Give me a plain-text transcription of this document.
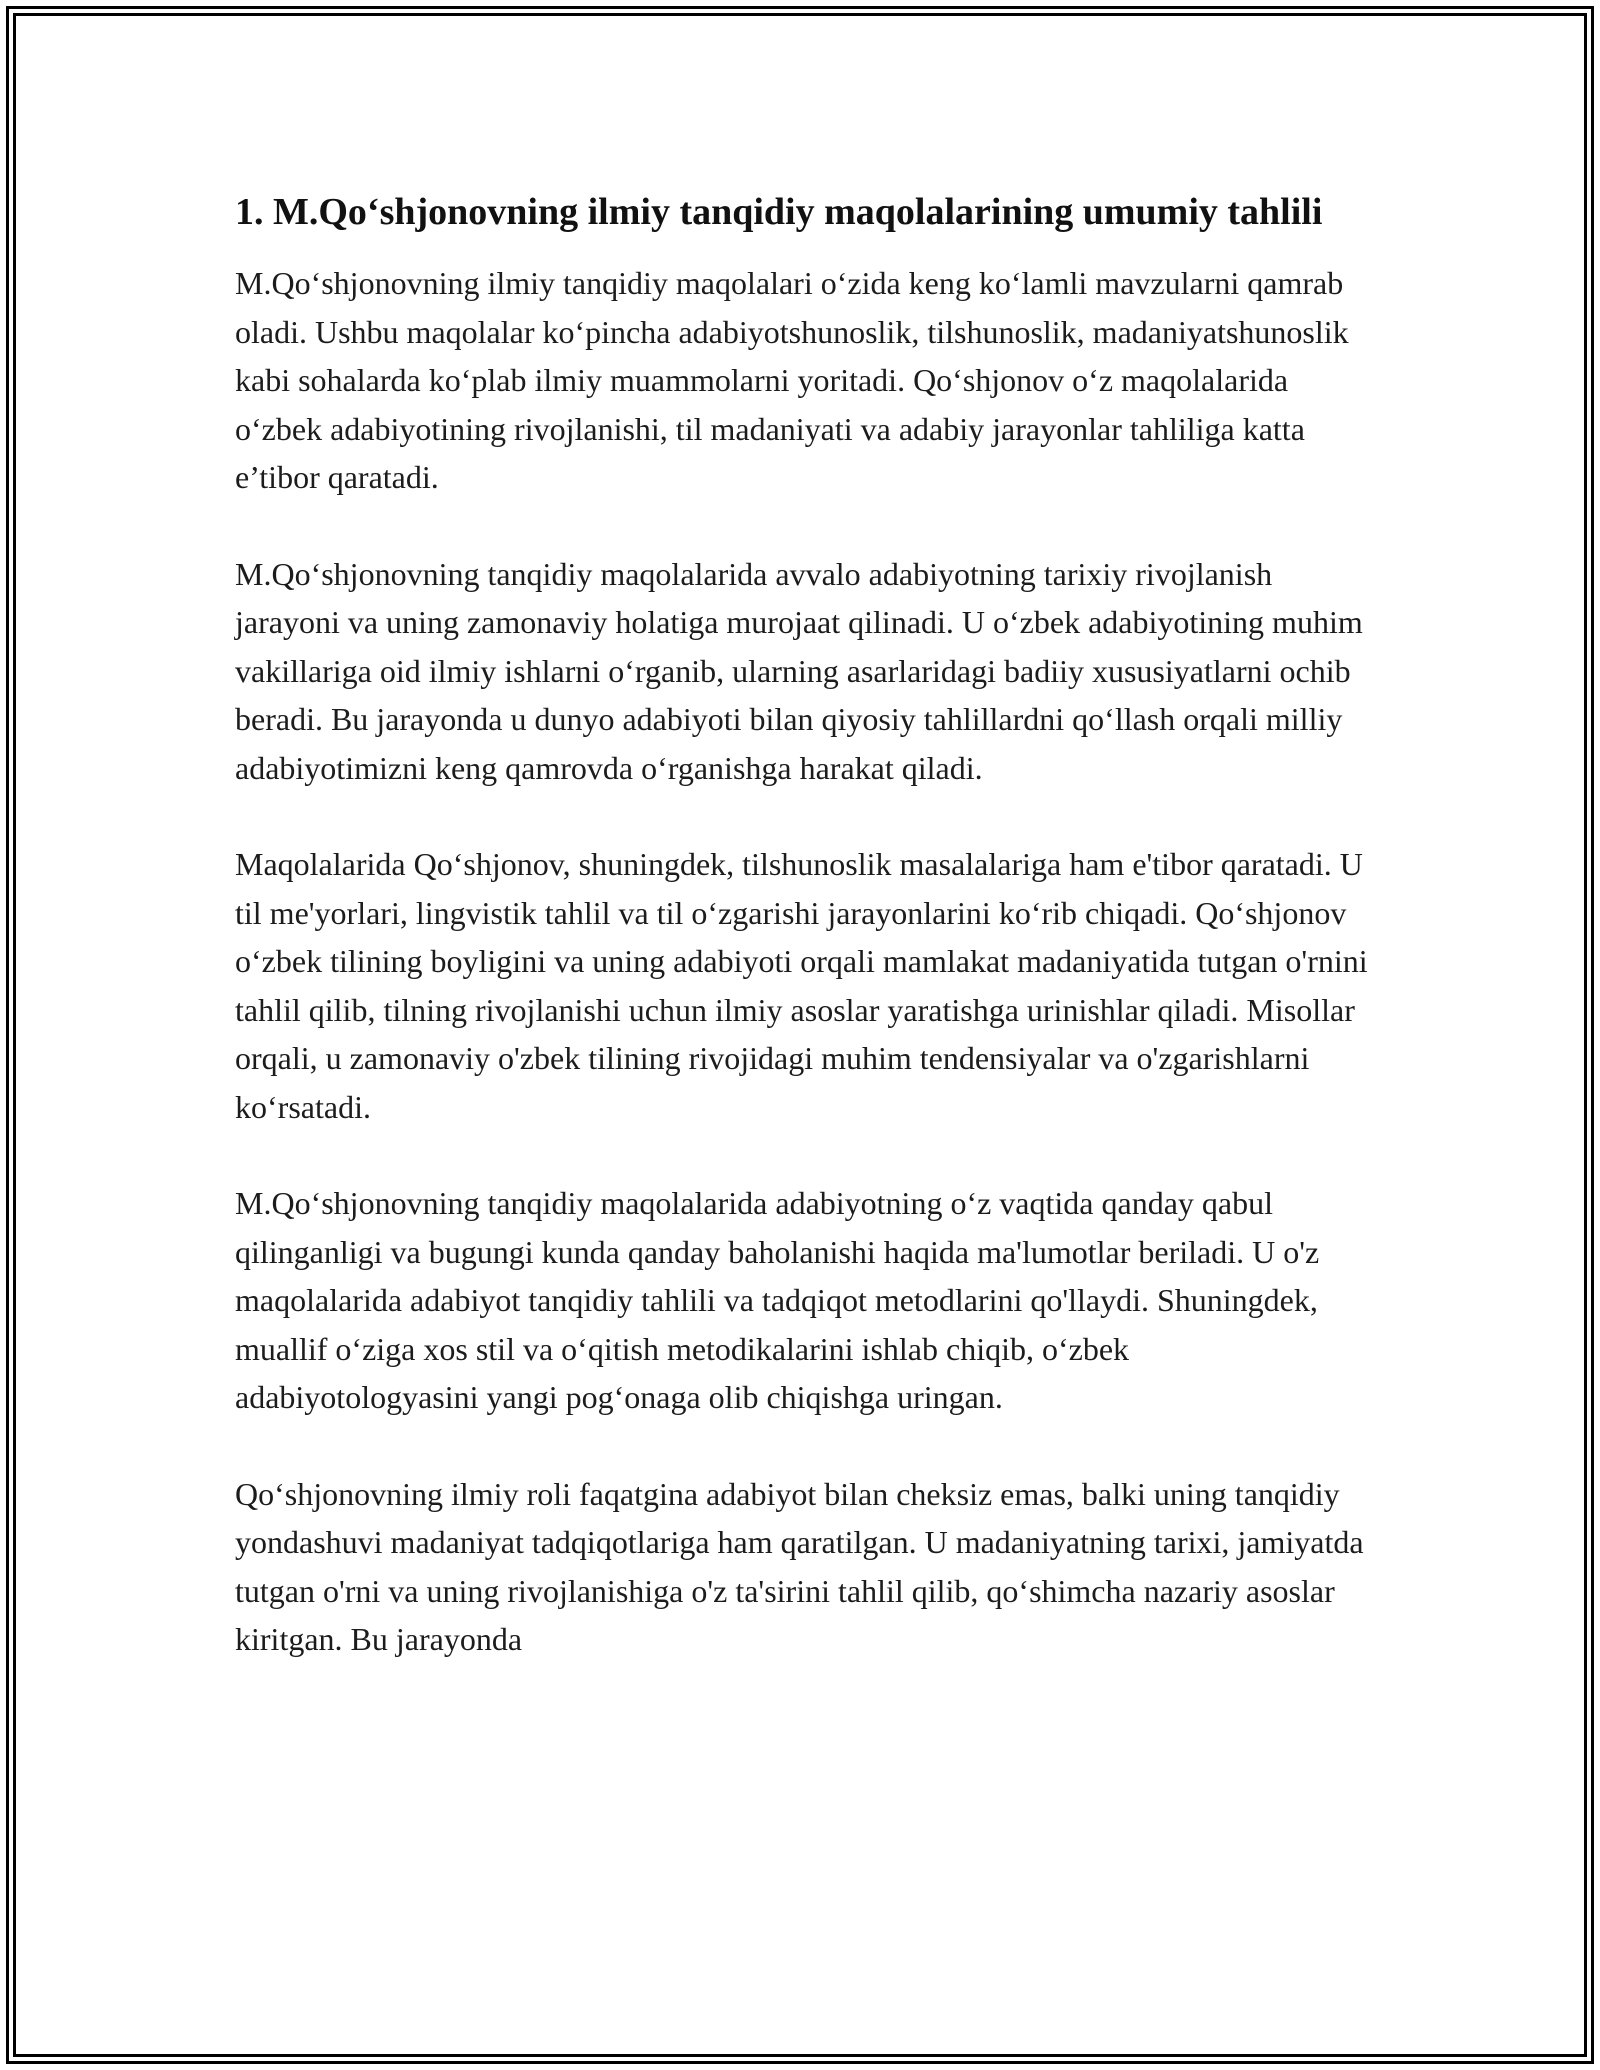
1. M.Qo‘shjonovning ilmiy tanqidiy maqolalarining umumiy tahlili

M.Qo‘shjonovning ilmiy tanqidiy maqolalari o‘zida keng ko‘lamli mavzularni qamrab oladi. Ushbu maqolalar ko‘pincha adabiyotshunoslik, tilshunoslik, madaniyatshunoslik kabi sohalarda ko‘plab ilmiy muammolarni yoritadi. Qo‘shjonov o‘z maqolalarida o‘zbek adabiyotining rivojlanishi, til madaniyati va adabiy jarayonlar tahliliga katta e’tibor qaratadi.

M.Qo‘shjonovning tanqidiy maqolalarida avvalo adabiyotning tarixiy rivojlanish jarayoni va uning zamonaviy holatiga murojaat qilinadi. U o‘zbek adabiyotining muhim vakillariga oid ilmiy ishlarni o‘rganib, ularning asarlaridagi badiiy xususiyatlarni ochib beradi. Bu jarayonda u dunyo adabiyoti bilan qiyosiy tahlillardni qo‘llash orqali milliy adabiyotimizni keng qamrovda o‘rganishga harakat qiladi.

Maqolalarida Qo‘shjonov, shuningdek, tilshunoslik masalalariga ham e'tibor qaratadi. U til me'yorlari, lingvistik tahlil va til o‘zgarishi jarayonlarini ko‘rib chiqadi. Qo‘shjonov o‘zbek tilining boyligini va uning adabiyoti orqali mamlakat madaniyatida tutgan o'rnini tahlil qilib, tilning rivojlanishi uchun ilmiy asoslar yaratishga urinishlar qiladi. Misollar orqali, u zamonaviy o'zbek tilining rivojidagi muhim tendensiyalar va o'zgarishlarni ko‘rsatadi.

M.Qo‘shjonovning tanqidiy maqolalarida adabiyotning o‘z vaqtida qanday qabul qilinganligi va bugungi kunda qanday baholanishi haqida ma'lumotlar beriladi. U o'z maqolalarida adabiyot tanqidiy tahlili va tadqiqot metodlarini qo'llaydi. Shuningdek, muallif o‘ziga xos stil va o‘qitish metodikalarini ishlab chiqib, o‘zbek adabiyotologyasini yangi pog‘onaga olib chiqishga uringan.

Qo‘shjonovning ilmiy roli faqatgina adabiyot bilan cheksiz emas, balki uning tanqidiy yondashuvi madaniyat tadqiqotlariga ham qaratilgan. U madaniyatning tarixi, jamiyatda tutgan o'rni va uning rivojlanishiga o'z ta'sirini tahlil qilib, qo‘shimcha nazariy asoslar kiritgan. Bu jarayonda
